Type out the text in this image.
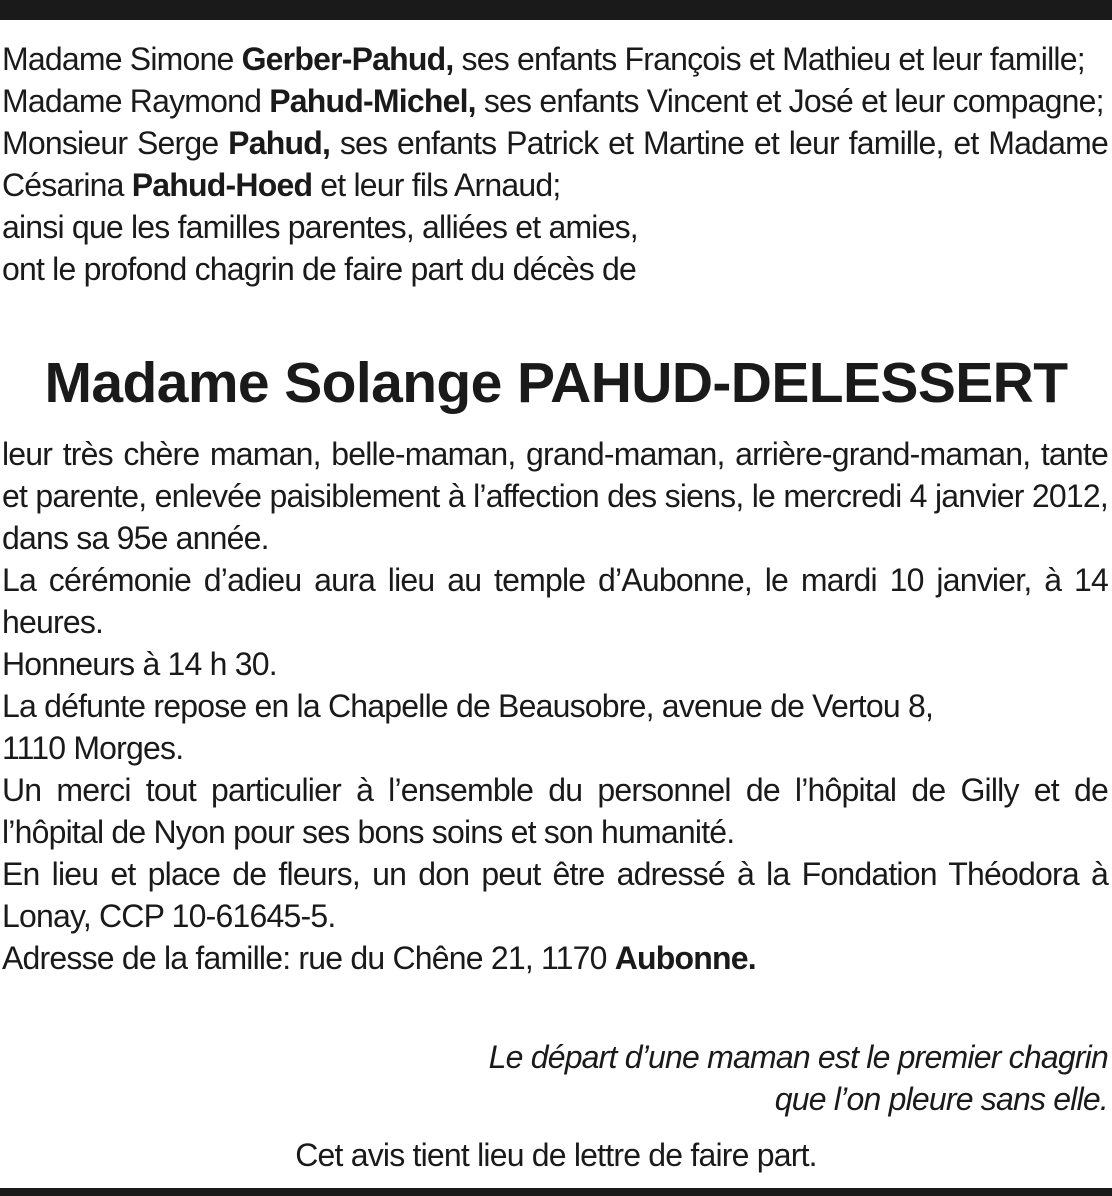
Madame Simone Gerber-Pahud, ses enfants François et Mathieu et leur famille;
Madame Raymond Pahud-Michel, ses enfants Vincent et José et leur compagne;
Monsieur Serge Pahud, ses enfants Patrick et Martine et leur famille, et Madame Césarina Pahud-Hoed et leur fils Arnaud;
ainsi que les familles parentes, alliées et amies,
ont le profond chagrin de faire part du décès de
Madame Solange PAHUD-DELESSERT
leur très chère maman, belle-maman, grand-maman, arrière-grand-maman, tante et parente, enlevée paisiblement à l’affection des siens, le mercredi 4 janvier 2012, dans sa 95e année.
La cérémonie d’adieu aura lieu au temple d’Aubonne, le mardi 10 janvier, à 14 heures.
Honneurs à 14 h 30.
La défunte repose en la Chapelle de Beausobre, avenue de Vertou 8,
1110 Morges.
Un merci tout particulier à l’ensemble du personnel de l’hôpital de Gilly et de l’hôpital de Nyon pour ses bons soins et son humanité.
En lieu et place de fleurs, un don peut être adressé à la Fondation Théodora à Lonay, CCP 10-61645-5.
Adresse de la famille: rue du Chêne 21, 1170 Aubonne.
Le départ d’une maman est le premier chagrin
que l’on pleure sans elle.
Cet avis tient lieu de lettre de faire part.
